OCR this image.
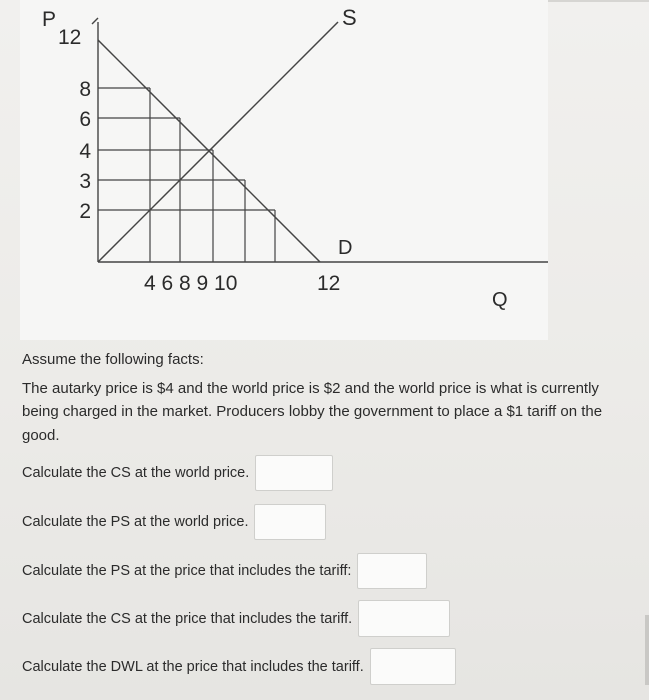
P
12
8
6
4
3
2
4 6 8 9 10	12
Q
S
D

Assume the following facts:

The autarky price is $4 and the world price is $2 and the world price is what is currently being charged in the market. Producers lobby the government to place a $1 tariff on the good.

Calculate the CS at the world price.
Calculate the PS at the world price.
Calculate the PS at the price that includes the tariff:
Calculate the CS at the price that includes the tariff.
Calculate the DWL at the price that includes the tariff.
